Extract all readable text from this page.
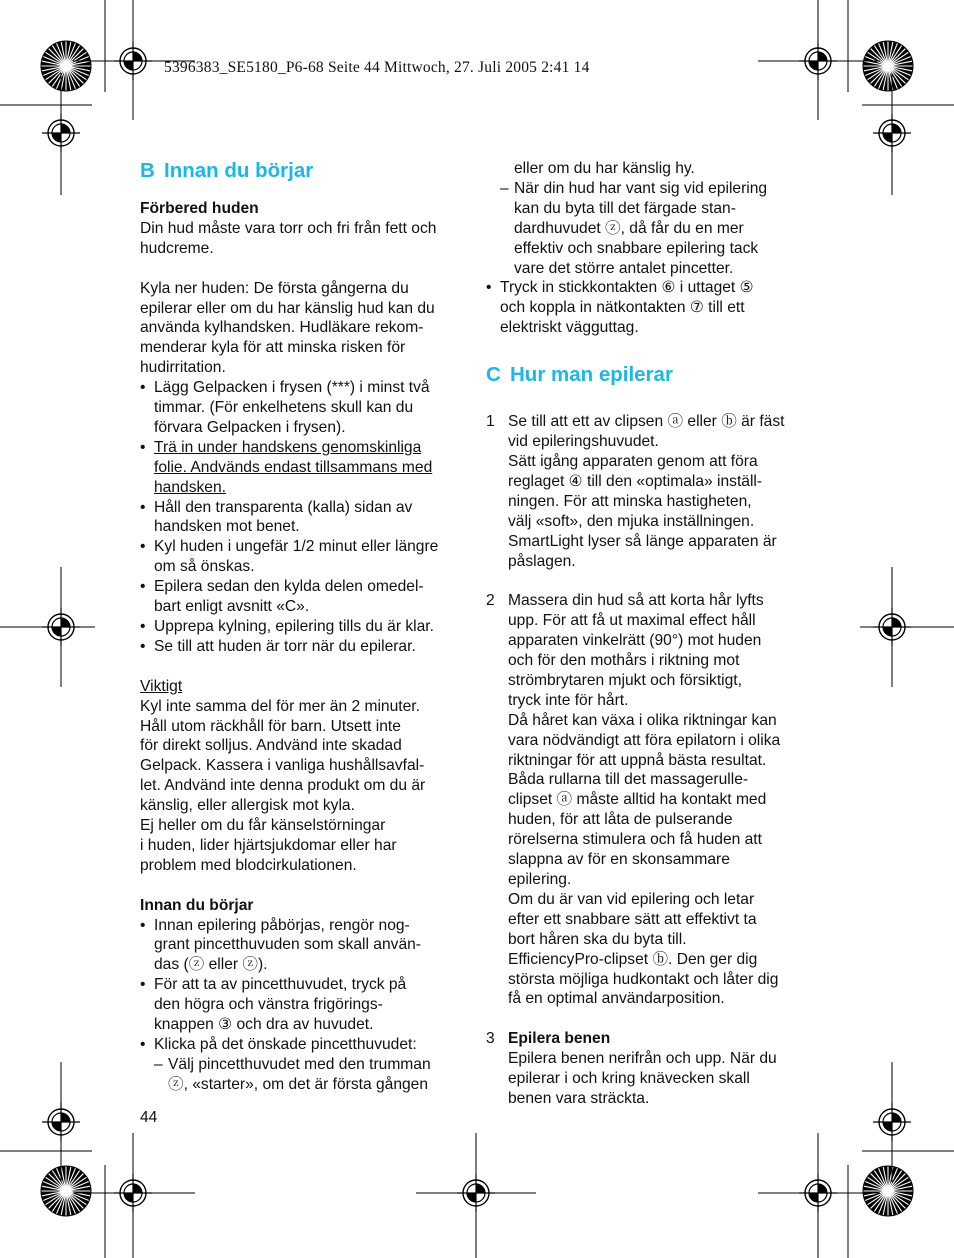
5396383_SE5180_P6-68 Seite 44 Mittwoch, 27. Juli 2005 2:41 14
B Innan du börjar
Förbered huden
Din hud måste vara torr och fri från fett och
hudcreme.
Kyla ner huden: De första gångerna du
epilerar eller om du har känslig hud kan du
använda kylhandsken. Hudläkare rekom-
menderar kyla för att minska risken för
hudirritation.
• Lägg Gelpacken i frysen (***) i minst två
timmar. (För enkelhetens skull kan du
förvara Gelpacken i frysen).
• Trä in under handskens genomskinliga
folie. Andvänds endast tillsammans med
handsken.
• Håll den transparenta (kalla) sidan av
handsken mot benet.
• Kyl huden i ungefär 1/2 minut eller längre
om så önskas.
• Epilera sedan den kylda delen omedel-
bart enligt avsnitt «C».
• Upprepa kylning, epilering tills du är klar.
• Se till att huden är torr när du epilerar.
Viktigt
Kyl inte samma del för mer än 2 minuter.
Håll utom räckhåll för barn. Utsett inte
för direkt solljus. Andvänd inte skadad
Gelpack. Kassera i vanliga hushållsavfal-
let. Andvänd inte denna produkt om du är
känslig, eller allergisk mot kyla.
Ej heller om du får känselstörningar
i huden, lider hjärtsjukdomar eller har
problem med blodcirkulationen.
Innan du börjar
• Innan epilering påbörjas, rengör nog-
grant pincetthuvuden som skall använ-
das (ⓩ eller ⓩ).
• För att ta av pincetthuvudet, tryck på
den högra och vänstra frigörings-
knappen ③ och dra av huvudet.
• Klicka på det önskade pincetthuvudet:
– Välj pincetthuvudet med den trumman
ⓩ, «starter», om det är första gången
eller om du har känslig hy.
– När din hud har vant sig vid epilering
kan du byta till det färgade stan-
dardhuvudet ⓩ, då får du en mer
effektiv och snabbare epilering tack
vare det större antalet pincetter.
• Tryck in stickkontakten ⑥ i uttaget ⑤
och koppla in nätkontakten ⑦ till ett
elektriskt vägguttag.
1 Se till att ett av clipsen ⓐ eller ⓑ är fäst
vid epileringshuvudet.
Sätt igång apparaten genom att föra
reglaget ④ till den «optimala» inställ-
ningen. För att minska hastigheten,
välj «soft», den mjuka inställningen.
SmartLight lyser så länge apparaten är
påslagen.
2 Massera din hud så att korta hår lyfts
upp. För att få ut maximal effect håll
apparaten vinkelrätt (90°) mot huden
och för den mothårs i riktning mot
strömbrytaren mjukt och försiktigt,
tryck inte för hårt.
Då håret kan växa i olika riktningar kan
vara nödvändigt att föra epilatorn i olika
riktningar för att uppnå bästa resultat.
Båda rullarna till det massagerulle-
clipset ⓐ måste alltid ha kontakt med
huden, för att låta de pulserande
rörelserna stimulera och få huden att
slappna av för en skonsammare
epilering.
Om du är van vid epilering och letar
efter ett snabbare sätt att effektivt ta
bort håren ska du byta till.
EfficiencyPro-clipset ⓑ. Den ger dig
största möjliga hudkontakt och låter dig
få en optimal användarposition.
3 Epilera benen
Epilera benen nerifrån och upp. När du
epilerar i och kring knävecken skall
benen vara sträckta.
C Hur man epilerar
44
